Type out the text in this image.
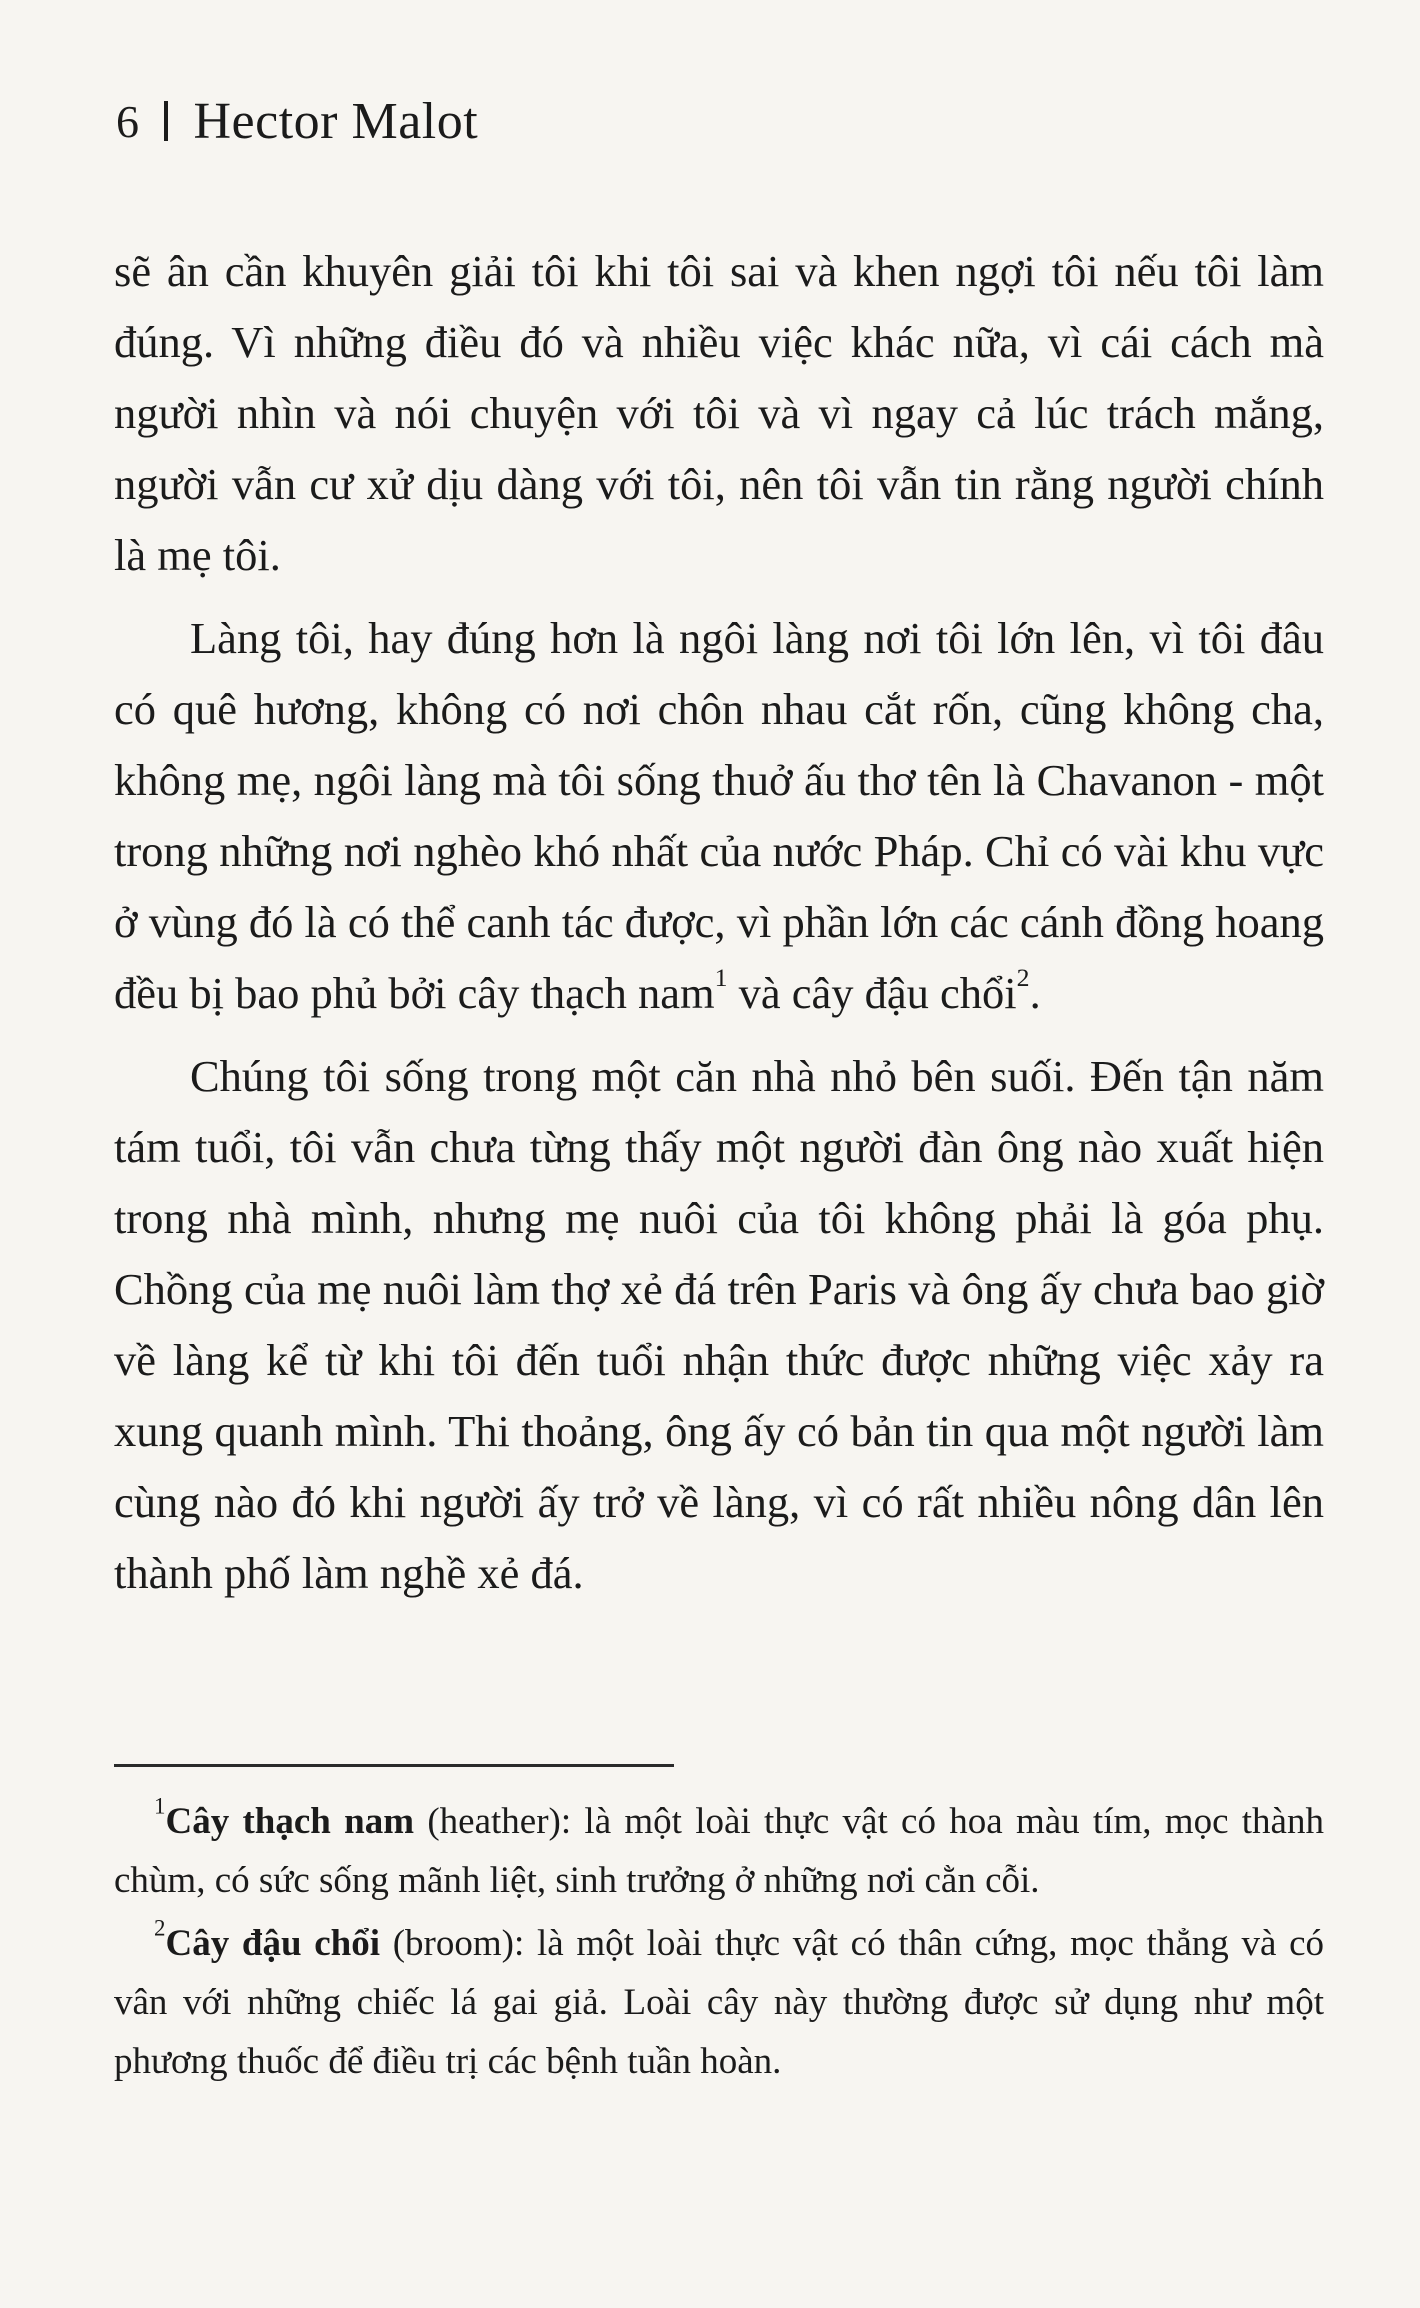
6 Hector Malot

sẽ ân cần khuyên giải tôi khi tôi sai và khen ngợi tôi nếu tôi làm đúng. Vì những điều đó và nhiều việc khác nữa, vì cái cách mà người nhìn và nói chuyện với tôi và vì ngay cả lúc trách mắng, người vẫn cư xử dịu dàng với tôi, nên tôi vẫn tin rằng người chính là mẹ tôi.

Làng tôi, hay đúng hơn là ngôi làng nơi tôi lớn lên, vì tôi đâu có quê hương, không có nơi chôn nhau cắt rốn, cũng không cha, không mẹ, ngôi làng mà tôi sống thuở ấu thơ tên là Chavanon - một trong những nơi nghèo khó nhất của nước Pháp. Chỉ có vài khu vực ở vùng đó là có thể canh tác được, vì phần lớn các cánh đồng hoang đều bị bao phủ bởi cây thạch nam$^1$ và cây đậu chổi$^2$.

Chúng tôi sống trong một căn nhà nhỏ bên suối. Đến tận năm tám tuổi, tôi vẫn chưa từng thấy một người đàn ông nào xuất hiện trong nhà mình, nhưng mẹ nuôi của tôi không phải là góa phụ. Chồng của mẹ nuôi làm thợ xẻ đá trên Paris và ông ấy chưa bao giờ về làng kể từ khi tôi đến tuổi nhận thức được những việc xảy ra xung quanh mình. Thi thoảng, ông ấy có bản tin qua một người làm cùng nào đó khi người ấy trở về làng, vì có rất nhiều nông dân lên thành phố làm nghề xẻ đá.

$^1$Cây thạch nam (heather): là một loài thực vật có hoa màu tím, mọc thành chùm, có sức sống mãnh liệt, sinh trưởng ở những nơi cằn cỗi.

$^2$Cây đậu chổi (broom): là một loài thực vật có thân cứng, mọc thẳng và có vân với những chiếc lá gai giả. Loài cây này thường được sử dụng như một phương thuốc để điều trị các bệnh tuần hoàn.
